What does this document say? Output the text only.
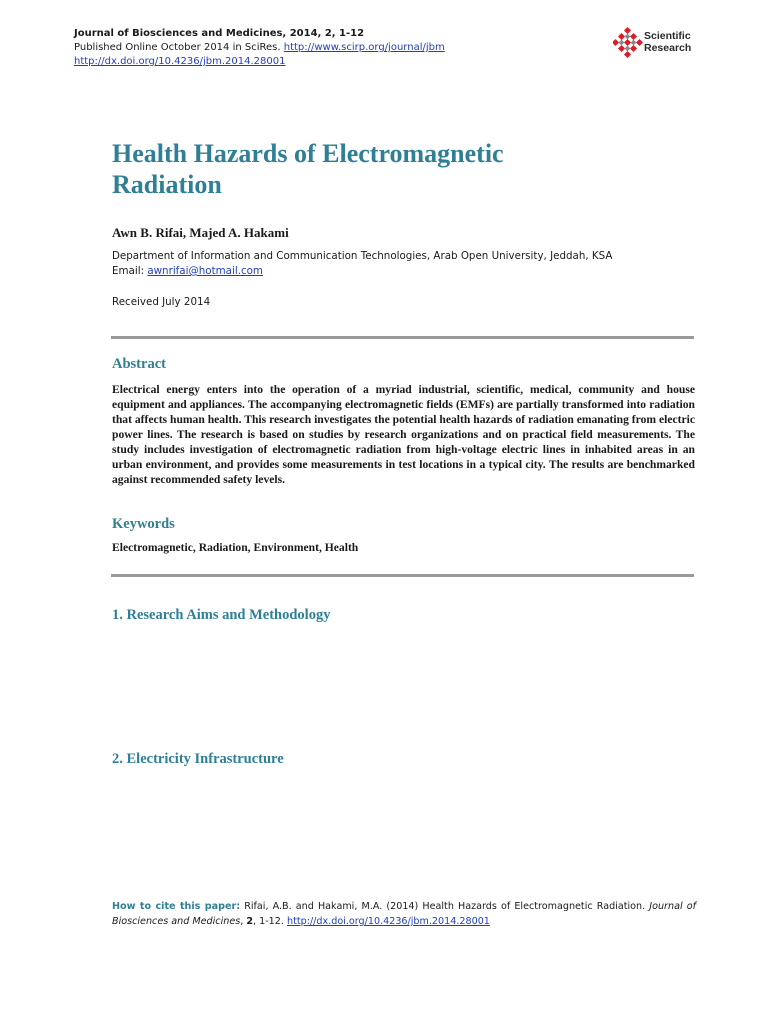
Journal of Biosciences and Medicines, 2014, 2, 1-12
Published Online October 2014 in SciRes. http://www.scirp.org/journal/jbm
http://dx.doi.org/10.4236/jbm.2014.28001
Scientific
Research
Health Hazards of Electromagnetic
Radiation
Awn B. Rifai, Majed A. Hakami
Department of Information and Communication Technologies, Arab Open University, Jeddah, KSA
Email: awnrifai@hotmail.com
Received July 2014
Abstract
Electrical energy enters into the operation of a myriad industrial, scientific, medical, community and house equipment and appliances. The accompanying electromagnetic fields (EMFs) are partially transformed into radiation that affects human health. This research investigates the potential health hazards of radiation emanating from electric power lines. The research is based on studies by research organizations and on practical field measurements. The study includes investigation of electromagnetic radiation from high-voltage electric lines in inhabited areas in an urban environment, and provides some measurements in test locations in a typical city. The results are benchmarked against recommended safety levels.
Keywords
Electromagnetic, Radiation, Environment, Health
1. Research Aims and Methodology
2. Electricity Infrastructure
How to cite this paper: Rifai, A.B. and Hakami, M.A. (2014) Health Hazards of Electromagnetic Radiation. Journal of Biosciences and Medicines, 2, 1-12. http://dx.doi.org/10.4236/jbm.2014.28001
